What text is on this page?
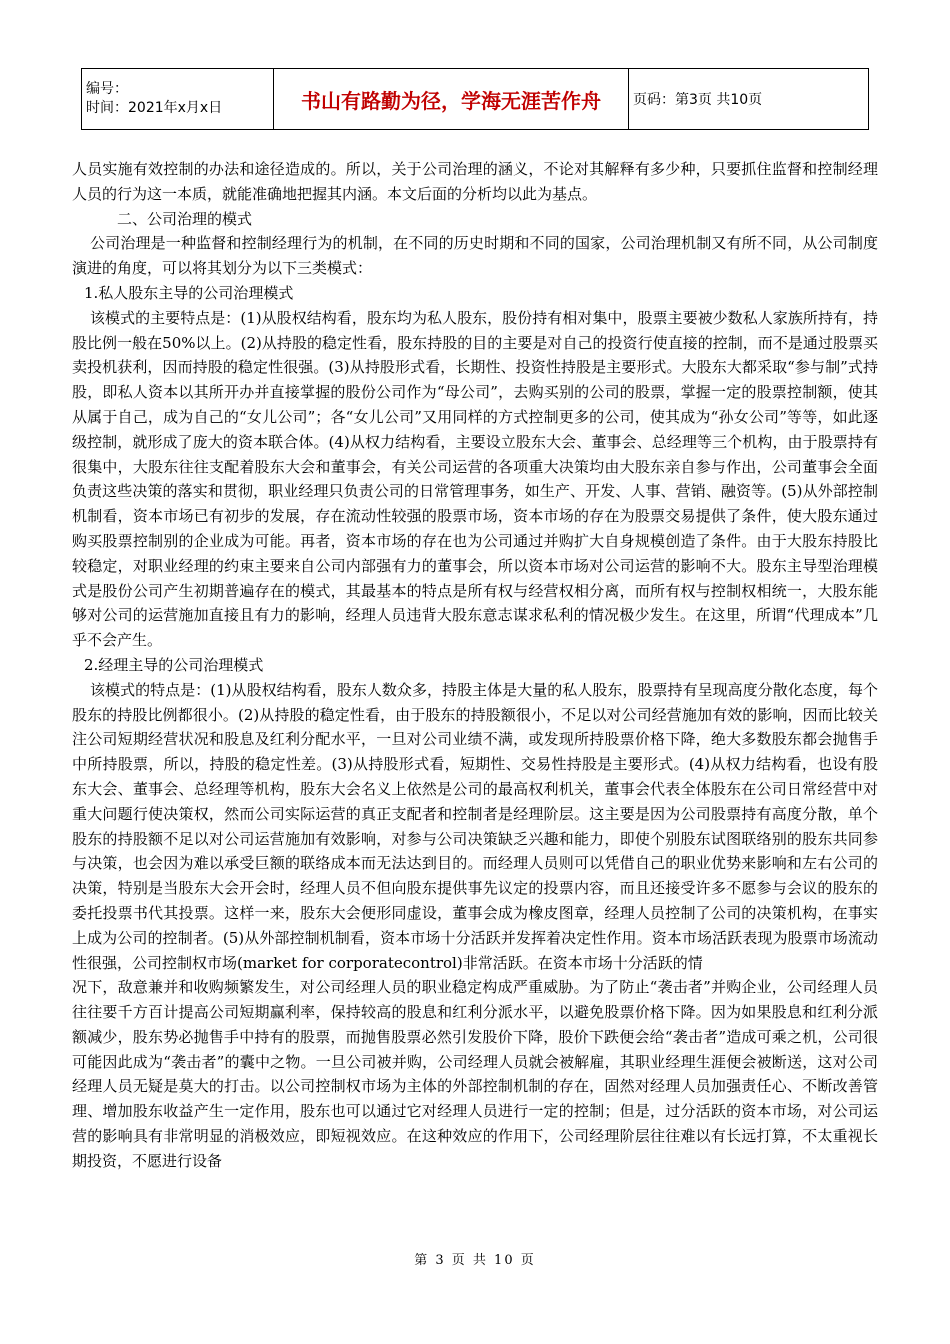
编号：
时间：2021年x月x日	书山有路勤为径，学海无涯苦作舟	页码：第3页 共10页

人员实施有效控制的办法和途径造成的。所以，关于公司治理的涵义，不论对其解释有多少种，只要抓住监督和控制经理人员的行为这一本质，就能准确地把握其内涵。本文后面的分析均以此为基点。

二、公司治理的模式

公司治理是一种监督和控制经理行为的机制，在不同的历史时期和不同的国家，公司治理机制又有所不同，从公司制度演进的角度，可以将其划分为以下三类模式：

1.私人股东主导的公司治理模式

该模式的主要特点是：(1)从股权结构看，股东均为私人股东，股份持有相对集中，股票主要被少数私人家族所持有，持股比例一般在50%以上。(2)从持股的稳定性看，股东持股的目的主要是对自己的投资行使直接的控制，而不是通过股票买卖投机获利，因而持股的稳定性很强。(3)从持股形式看，长期性、投资性持股是主要形式。大股东大都采取“参与制”式持股，即私人资本以其所开办并直接掌握的股份公司作为“母公司”，去购买别的公司的股票，掌握一定的股票控制额，使其从属于自己，成为自己的“女儿公司”；各“女儿公司”又用同样的方式控制更多的公司，使其成为“孙女公司”等等，如此逐级控制，就形成了庞大的资本联合体。(4)从权力结构看，主要设立股东大会、董事会、总经理等三个机构，由于股票持有很集中，大股东往往支配着股东大会和董事会，有关公司运营的各项重大决策均由大股东亲自参与作出，公司董事会全面负责这些决策的落实和贯彻，职业经理只负责公司的日常管理事务，如生产、开发、人事、营销、融资等。(5)从外部控制机制看，资本市场已有初步的发展，存在流动性较强的股票市场，资本市场的存在为股票交易提供了条件，使大股东通过购买股票控制别的企业成为可能。再者，资本市场的存在也为公司通过并购扩大自身规模创造了条件。由于大股东持股比较稳定，对职业经理的约束主要来自公司内部强有力的董事会，所以资本市场对公司运营的影响不大。股东主导型治理模式是股份公司产生初期普遍存在的模式，其最基本的特点是所有权与经营权相分离，而所有权与控制权相统一，大股东能够对公司的运营施加直接且有力的影响，经理人员违背大股东意志谋求私利的情况极少发生。在这里，所谓“代理成本”几乎不会产生。

2.经理主导的公司治理模式

该模式的特点是：(1)从股权结构看，股东人数众多，持股主体是大量的私人股东，股票持有呈现高度分散化态度，每个股东的持股比例都很小。(2)从持股的稳定性看，由于股东的持股额很小，不足以对公司经营施加有效的影响，因而比较关注公司短期经营状况和股息及红利分配水平，一旦对公司业绩不满，或发现所持股票价格下降，绝大多数股东都会抛售手中所持股票，所以，持股的稳定性差。(3)从持股形式看，短期性、交易性持股是主要形式。(4)从权力结构看，也设有股东大会、董事会、总经理等机构，股东大会名义上依然是公司的最高权利机关，董事会代表全体股东在公司日常经营中对重大问题行使决策权，然而公司实际运营的真正支配者和控制者是经理阶层。这主要是因为公司股票持有高度分散，单个股东的持股额不足以对公司运营施加有效影响，对参与公司决策缺乏兴趣和能力，即使个别股东试图联络别的股东共同参与决策，也会因为难以承受巨额的联络成本而无法达到目的。而经理人员则可以凭借自己的职业优势来影响和左右公司的决策，特别是当股东大会开会时，经理人员不但向股东提供事先议定的投票内容，而且还接受许多不愿参与会议的股东的委托投票书代其投票。这样一来，股东大会便形同虚设，董事会成为橡皮图章，经理人员控制了公司的决策机构，在事实上成为公司的控制者。(5)从外部控制机制看，资本市场十分活跃并发挥着决定性作用。资本市场活跃表现为股票市场流动性很强，公司控制权市场(market for corporatecontrol)非常活跃。在资本市场十分活跃的情

况下，敌意兼并和收购频繁发生，对公司经理人员的职业稳定构成严重威胁。为了防止“袭击者”并购企业，公司经理人员往往要千方百计提高公司短期赢利率，保持较高的股息和红利分派水平，以避免股票价格下降。因为如果股息和红利分派额减少，股东势必抛售手中持有的股票，而抛售股票必然引发股价下降，股价下跌便会给“袭击者”造成可乘之机，公司很可能因此成为“袭击者”的囊中之物。一旦公司被并购，公司经理人员就会被解雇，其职业经理生涯便会被断送，这对公司经理人员无疑是莫大的打击。以公司控制权市场为主体的外部控制机制的存在，固然对经理人员加强责任心、不断改善管理、增加股东收益产生一定作用，股东也可以通过它对经理人员进行一定的控制；但是，过分活跃的资本市场，对公司运营的影响具有非常明显的消极效应，即短视效应。在这种效应的作用下，公司经理阶层往往难以有长远打算，不太重视长期投资，不愿进行设备

第 3 页 共 10 页
